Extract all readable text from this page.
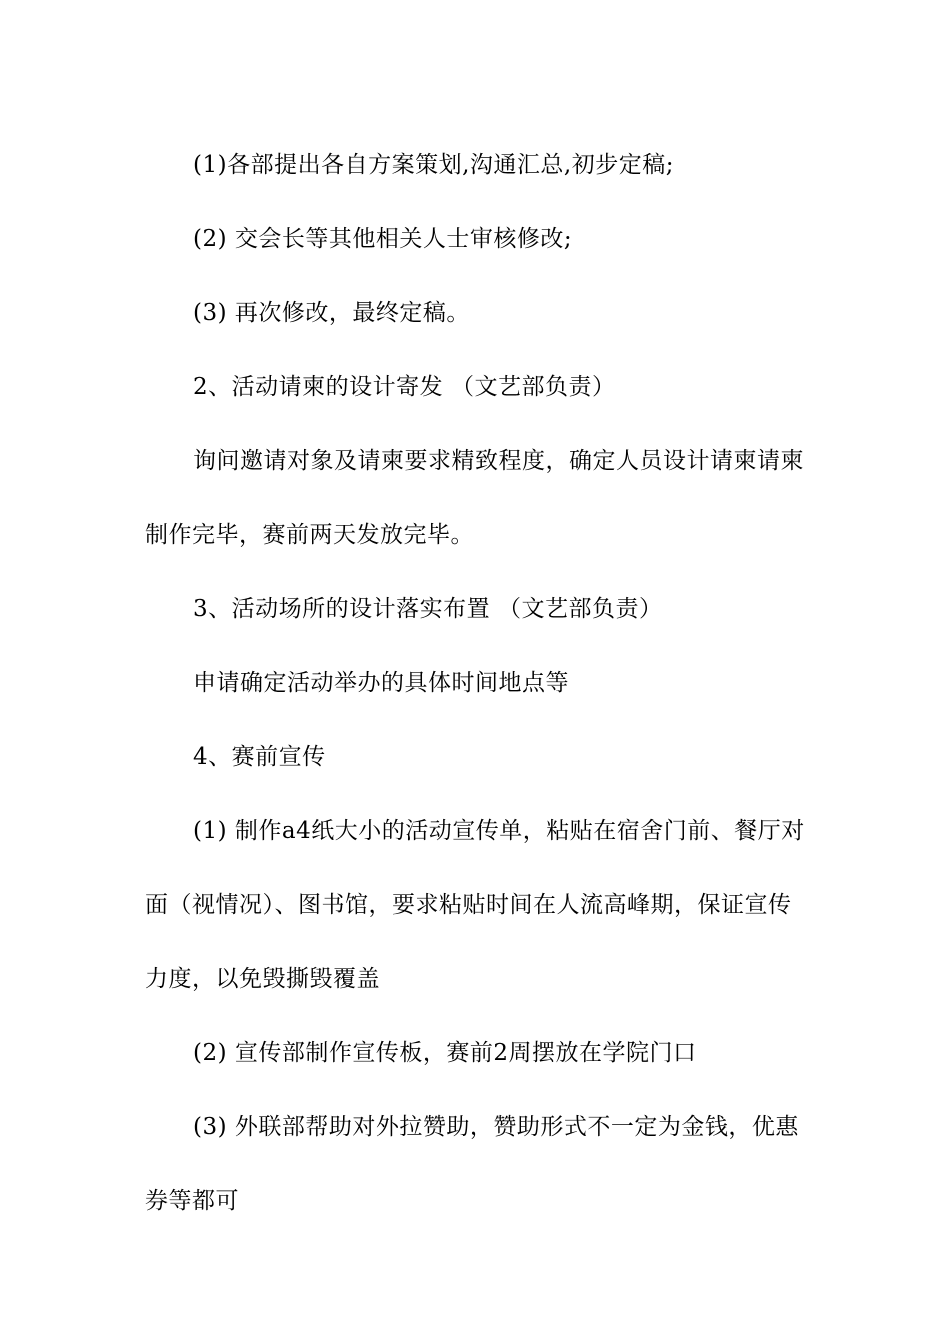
(1)各部提出各自方案策划,沟通汇总,初步定稿;

(2) 交会长等其他相关人士审核修改;

(3) 再次修改，最终定稿。

2、活动请柬的设计寄发 （文艺部负责）

询问邀请对象及请柬要求精致程度，确定人员设计请柬请柬制作完毕，赛前两天发放完毕。

3、活动场所的设计落实布置 （文艺部负责）

申请确定活动举办的具体时间地点等

4、赛前宣传

(1) 制作a4纸大小的活动宣传单，粘贴在宿舍门前、餐厅对面（视情况）、图书馆，要求粘贴时间在人流高峰期，保证宣传力度，以免毁撕毁覆盖

(2) 宣传部制作宣传板，赛前2周摆放在学院门口

(3) 外联部帮助对外拉赞助，赞助形式不一定为金钱，优惠券等都可
